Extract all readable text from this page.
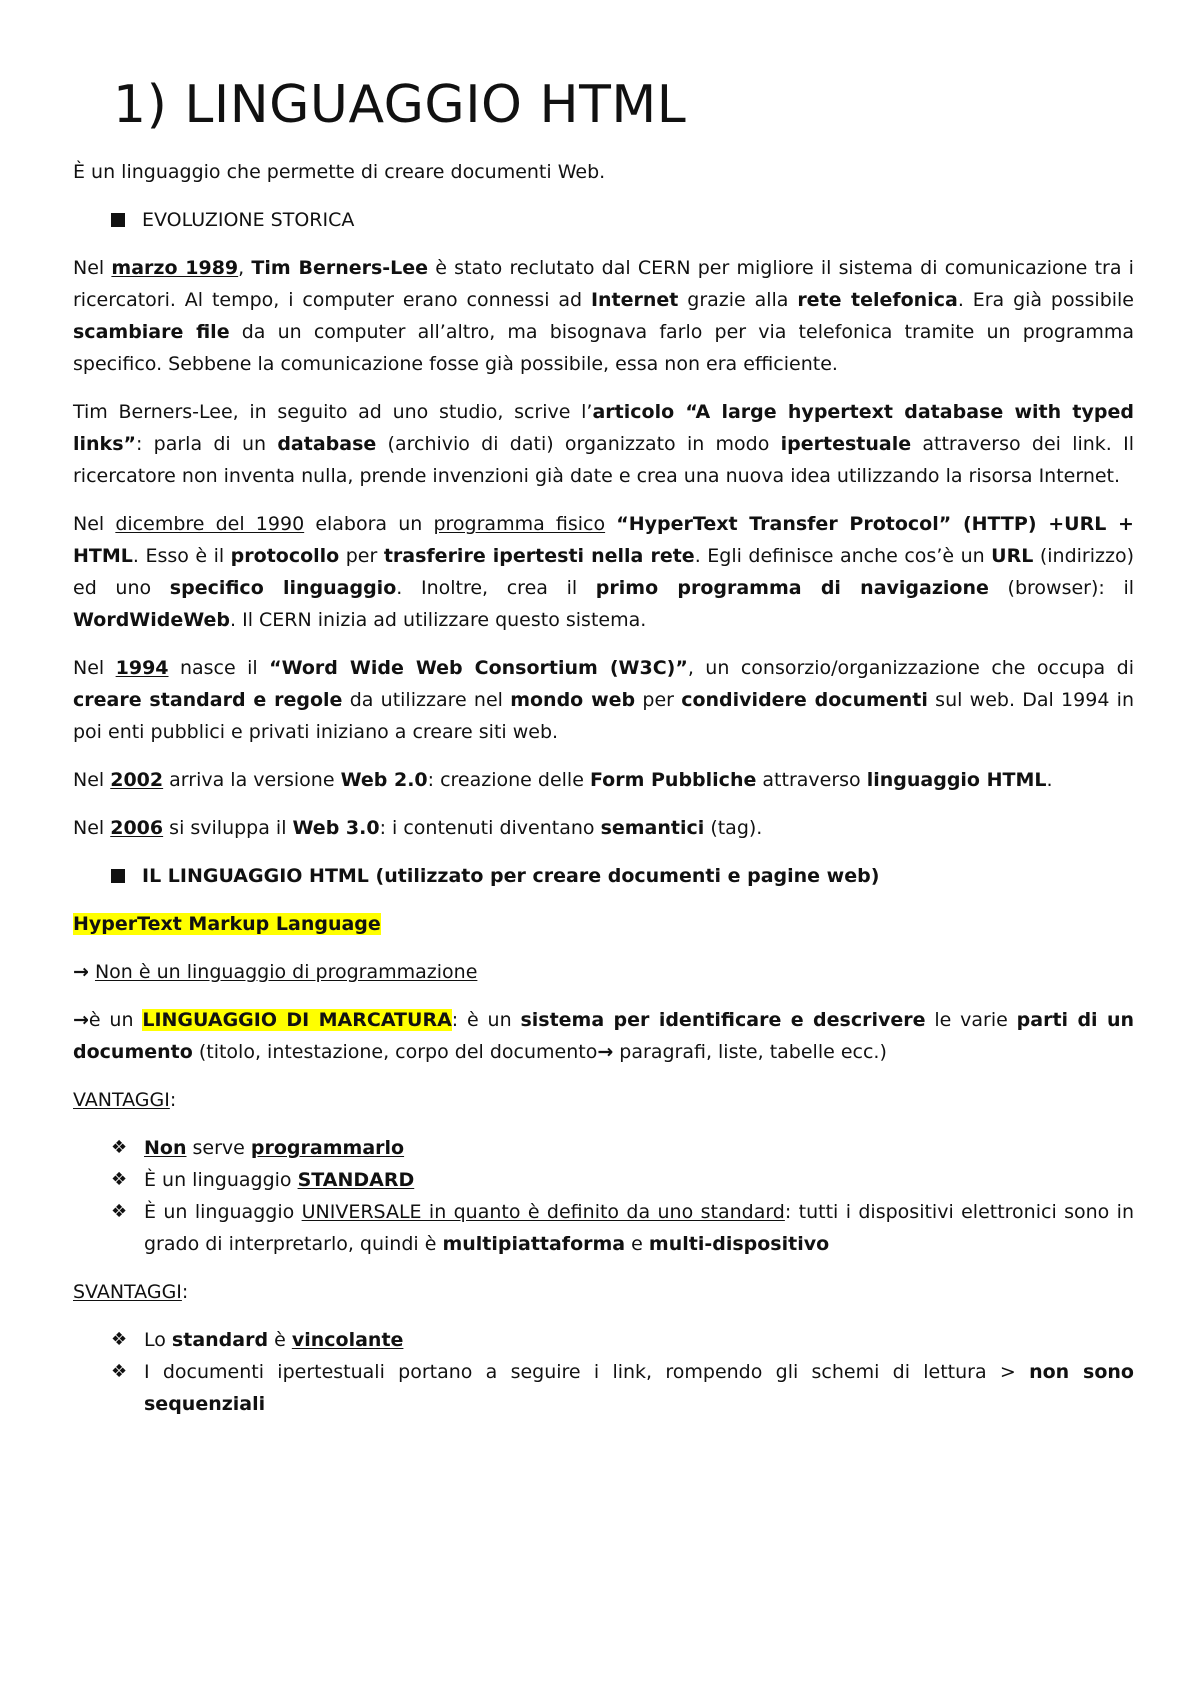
1) LINGUAGGIO HTML

È un linguaggio che permette di creare documenti Web.

EVOLUZIONE STORICA

Nel marzo 1989, Tim Berners-Lee è stato reclutato dal CERN per migliore il sistema di comunicazione tra i ricercatori. Al tempo, i computer erano connessi ad Internet grazie alla rete telefonica. Era già possibile scambiare file da un computer all’altro, ma bisognava farlo per via telefonica tramite un programma specifico. Sebbene la comunicazione fosse già possibile, essa non era efficiente.

Tim Berners-Lee, in seguito ad uno studio, scrive l’articolo “A large hypertext database with typed links”: parla di un database (archivio di dati) organizzato in modo ipertestuale attraverso dei link. Il ricercatore non inventa nulla, prende invenzioni già date e crea una nuova idea utilizzando la risorsa Internet.

Nel dicembre del 1990 elabora un programma fisico “HyperText Transfer Protocol” (HTTP) +URL + HTML. Esso è il protocollo per trasferire ipertesti nella rete. Egli definisce anche cos’è un URL (indirizzo) ed uno specifico linguaggio. Inoltre, crea il primo programma di navigazione (browser): il WordWideWeb. Il CERN inizia ad utilizzare questo sistema.

Nel 1994 nasce il “Word Wide Web Consortium (W3C)”, un consorzio/organizzazione che occupa di creare standard e regole da utilizzare nel mondo web per condividere documenti sul web. Dal 1994 in poi enti pubblici e privati iniziano a creare siti web.

Nel 2002 arriva la versione Web 2.0: creazione delle Form Pubbliche attraverso linguaggio HTML.

Nel 2006 si sviluppa il Web 3.0: i contenuti diventano semantici (tag).

IL LINGUAGGIO HTML (utilizzato per creare documenti e pagine web)

HyperText Markup Language

→ Non è un linguaggio di programmazione

→è un LINGUAGGIO DI MARCATURA: è un sistema per identificare e descrivere le varie parti di un documento (titolo, intestazione, corpo del documento→ paragrafi, liste, tabelle ecc.)

VANTAGGI:

❖ Non serve programmarlo
❖ È un linguaggio STANDARD
❖ È un linguaggio UNIVERSALE in quanto è definito da uno standard: tutti i dispositivi elettronici sono in grado di interpretarlo, quindi è multipiattaforma e multi-dispositivo

SVANTAGGI:

❖ Lo standard è vincolante
❖ I documenti ipertestuali portano a seguire i link, rompendo gli schemi di lettura > non sono sequenziali
